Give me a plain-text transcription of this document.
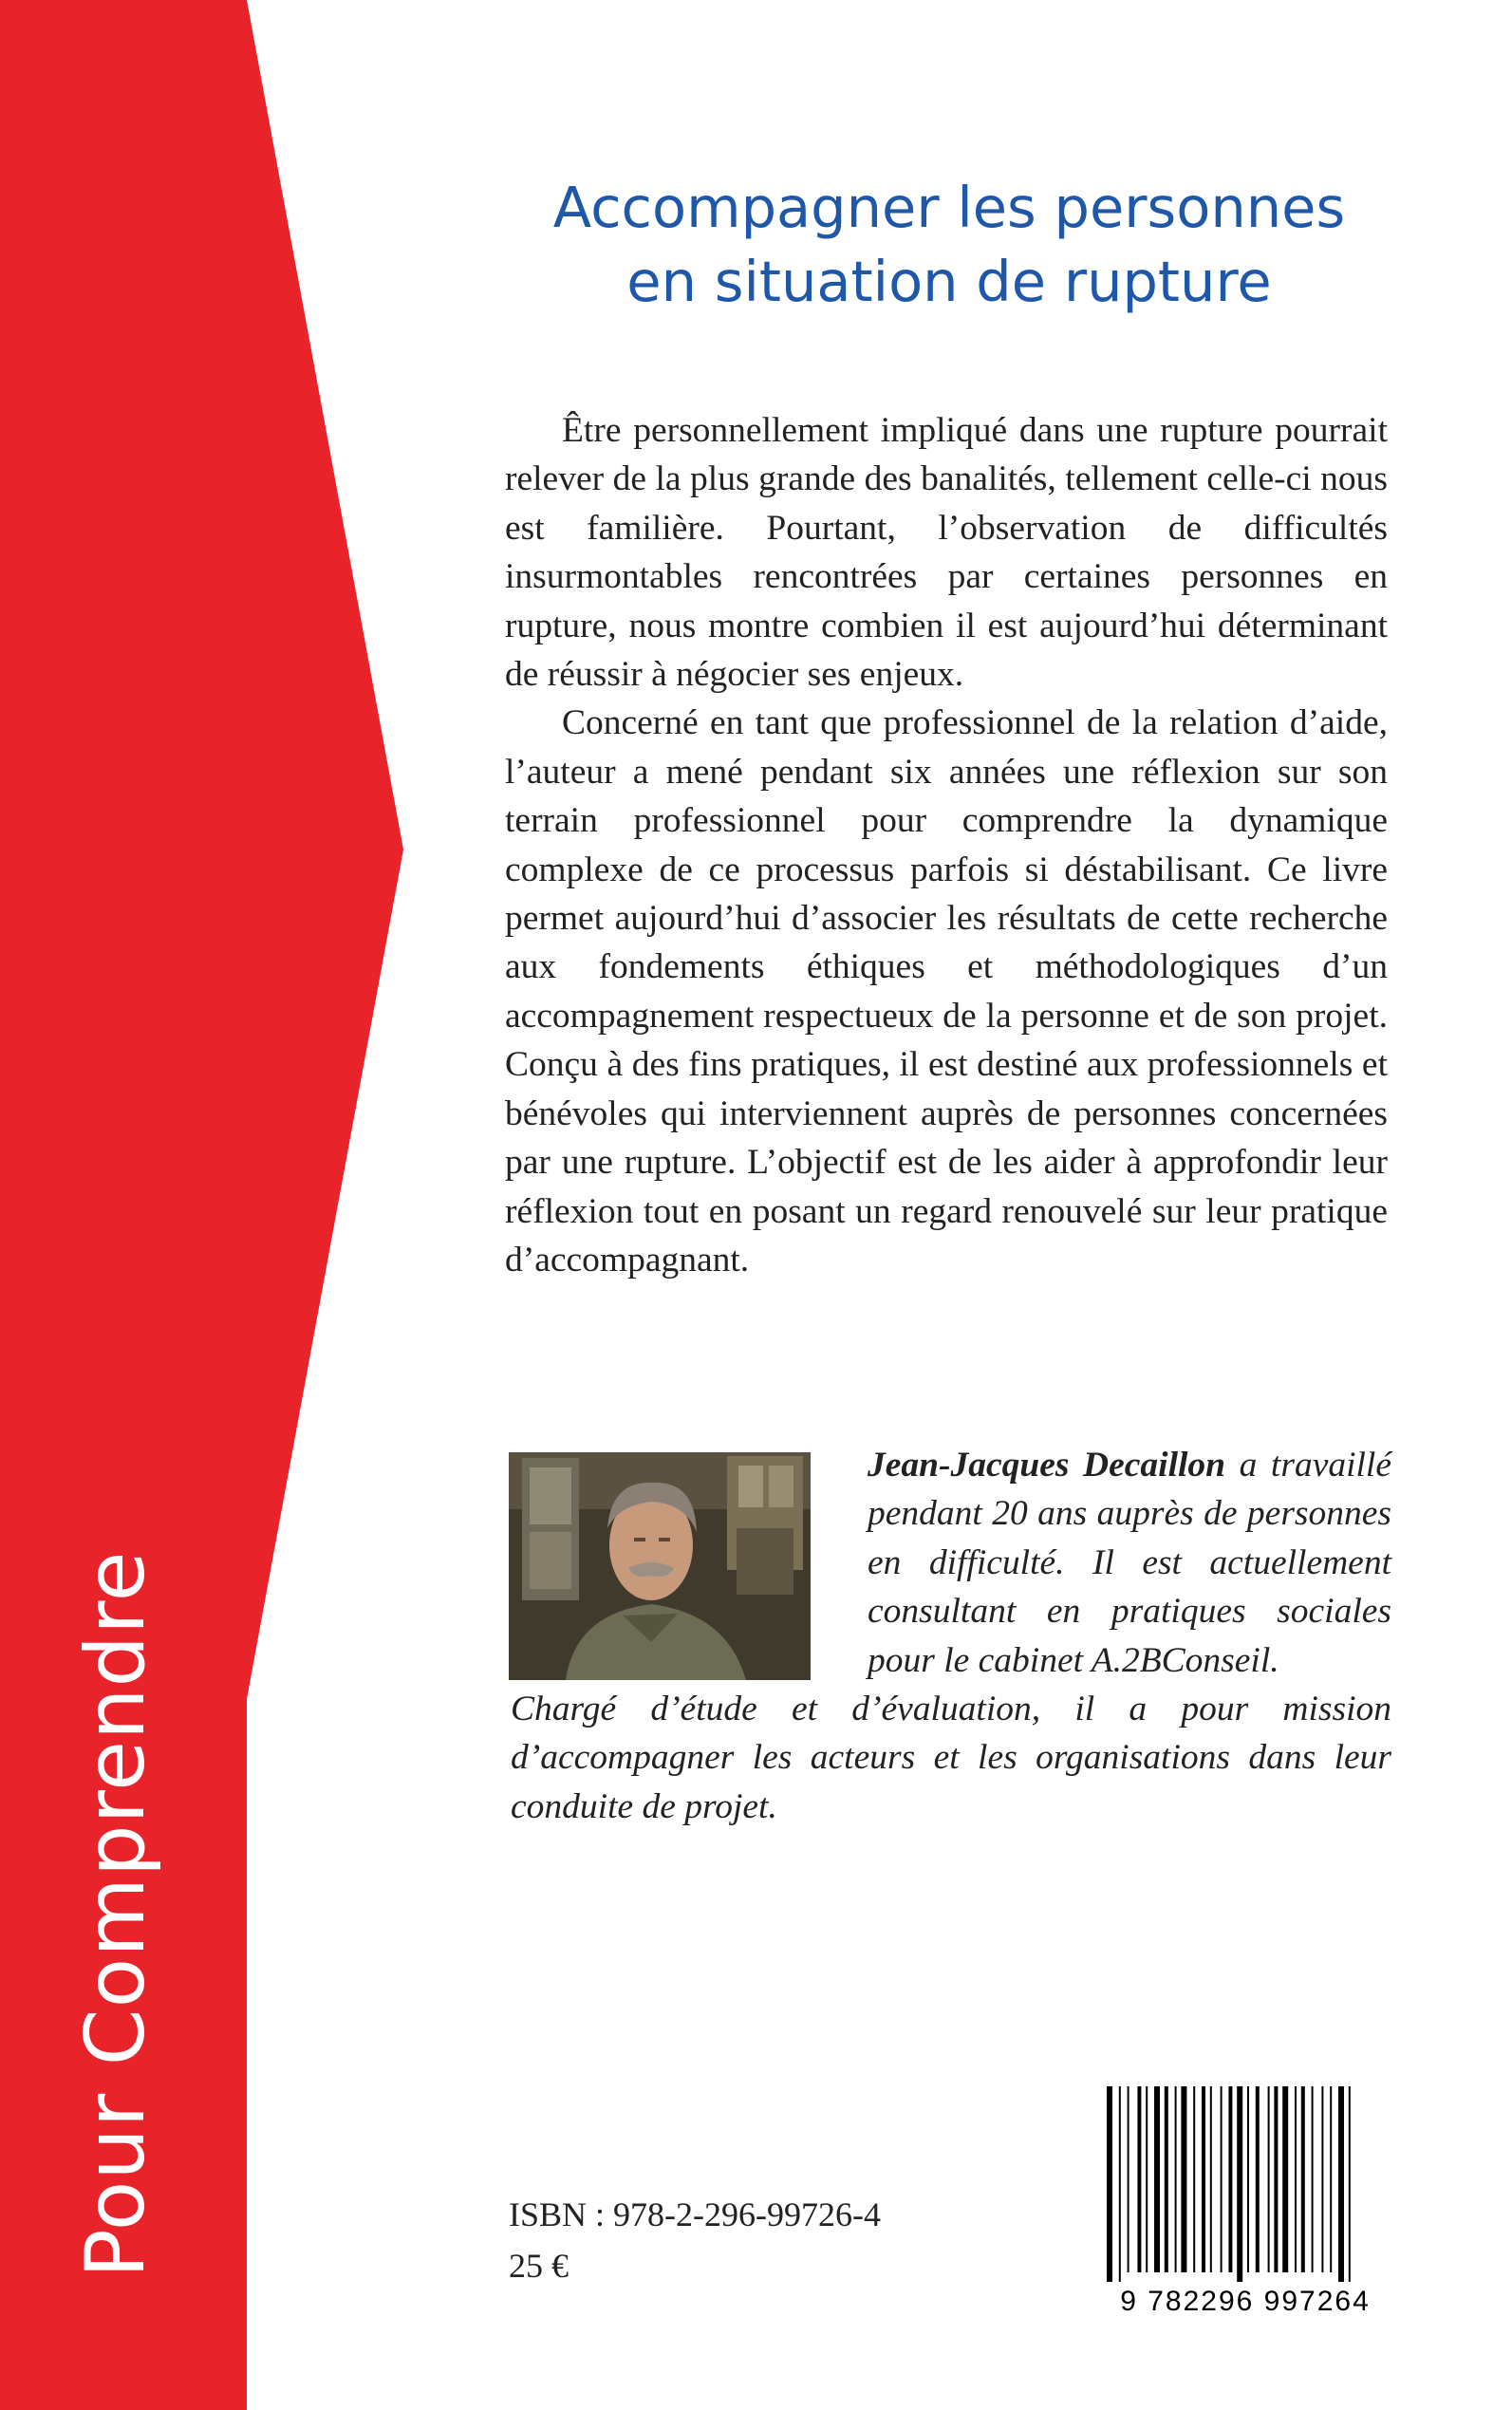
Pour Comprendre
Accompagner les personnes
en situation de rupture

Être personnellement impliqué dans une rupture pourrait relever de la plus grande des banalités, tellement celle-ci nous est familière. Pourtant, l’observation de difficultés insurmontables rencontrées par certaines personnes en rupture, nous montre combien il est aujourd’hui déterminant de réussir à négocier ses enjeux.

Concerné en tant que professionnel de la relation d’aide, l’auteur a mené pendant six années une réflexion sur son terrain professionnel pour comprendre la dynamique complexe de ce processus parfois si déstabilisant. Ce livre permet aujourd’hui d’associer les résultats de cette recherche aux fondements éthiques et méthodologiques d’un accompagnement respectueux de la personne et de son projet. Conçu à des fins pratiques, il est destiné aux professionnels et bénévoles qui interviennent auprès de personnes concernées par une rupture. L’objectif est de les aider à approfondir leur réflexion tout en posant un regard renouvelé sur leur pratique d’accompagnant.

Jean-Jacques Decaillon a travaillé pendant 20 ans auprès de personnes en difficulté. Il est actuellement consultant en pratiques sociales pour le cabinet A.2BConseil.
Chargé d’étude et d’évaluation, il a pour mission d’accompagner les acteurs et les organisations dans leur conduite de projet.
ISBN : 978-2-296-99726-4
25 €
9 782296 997264
